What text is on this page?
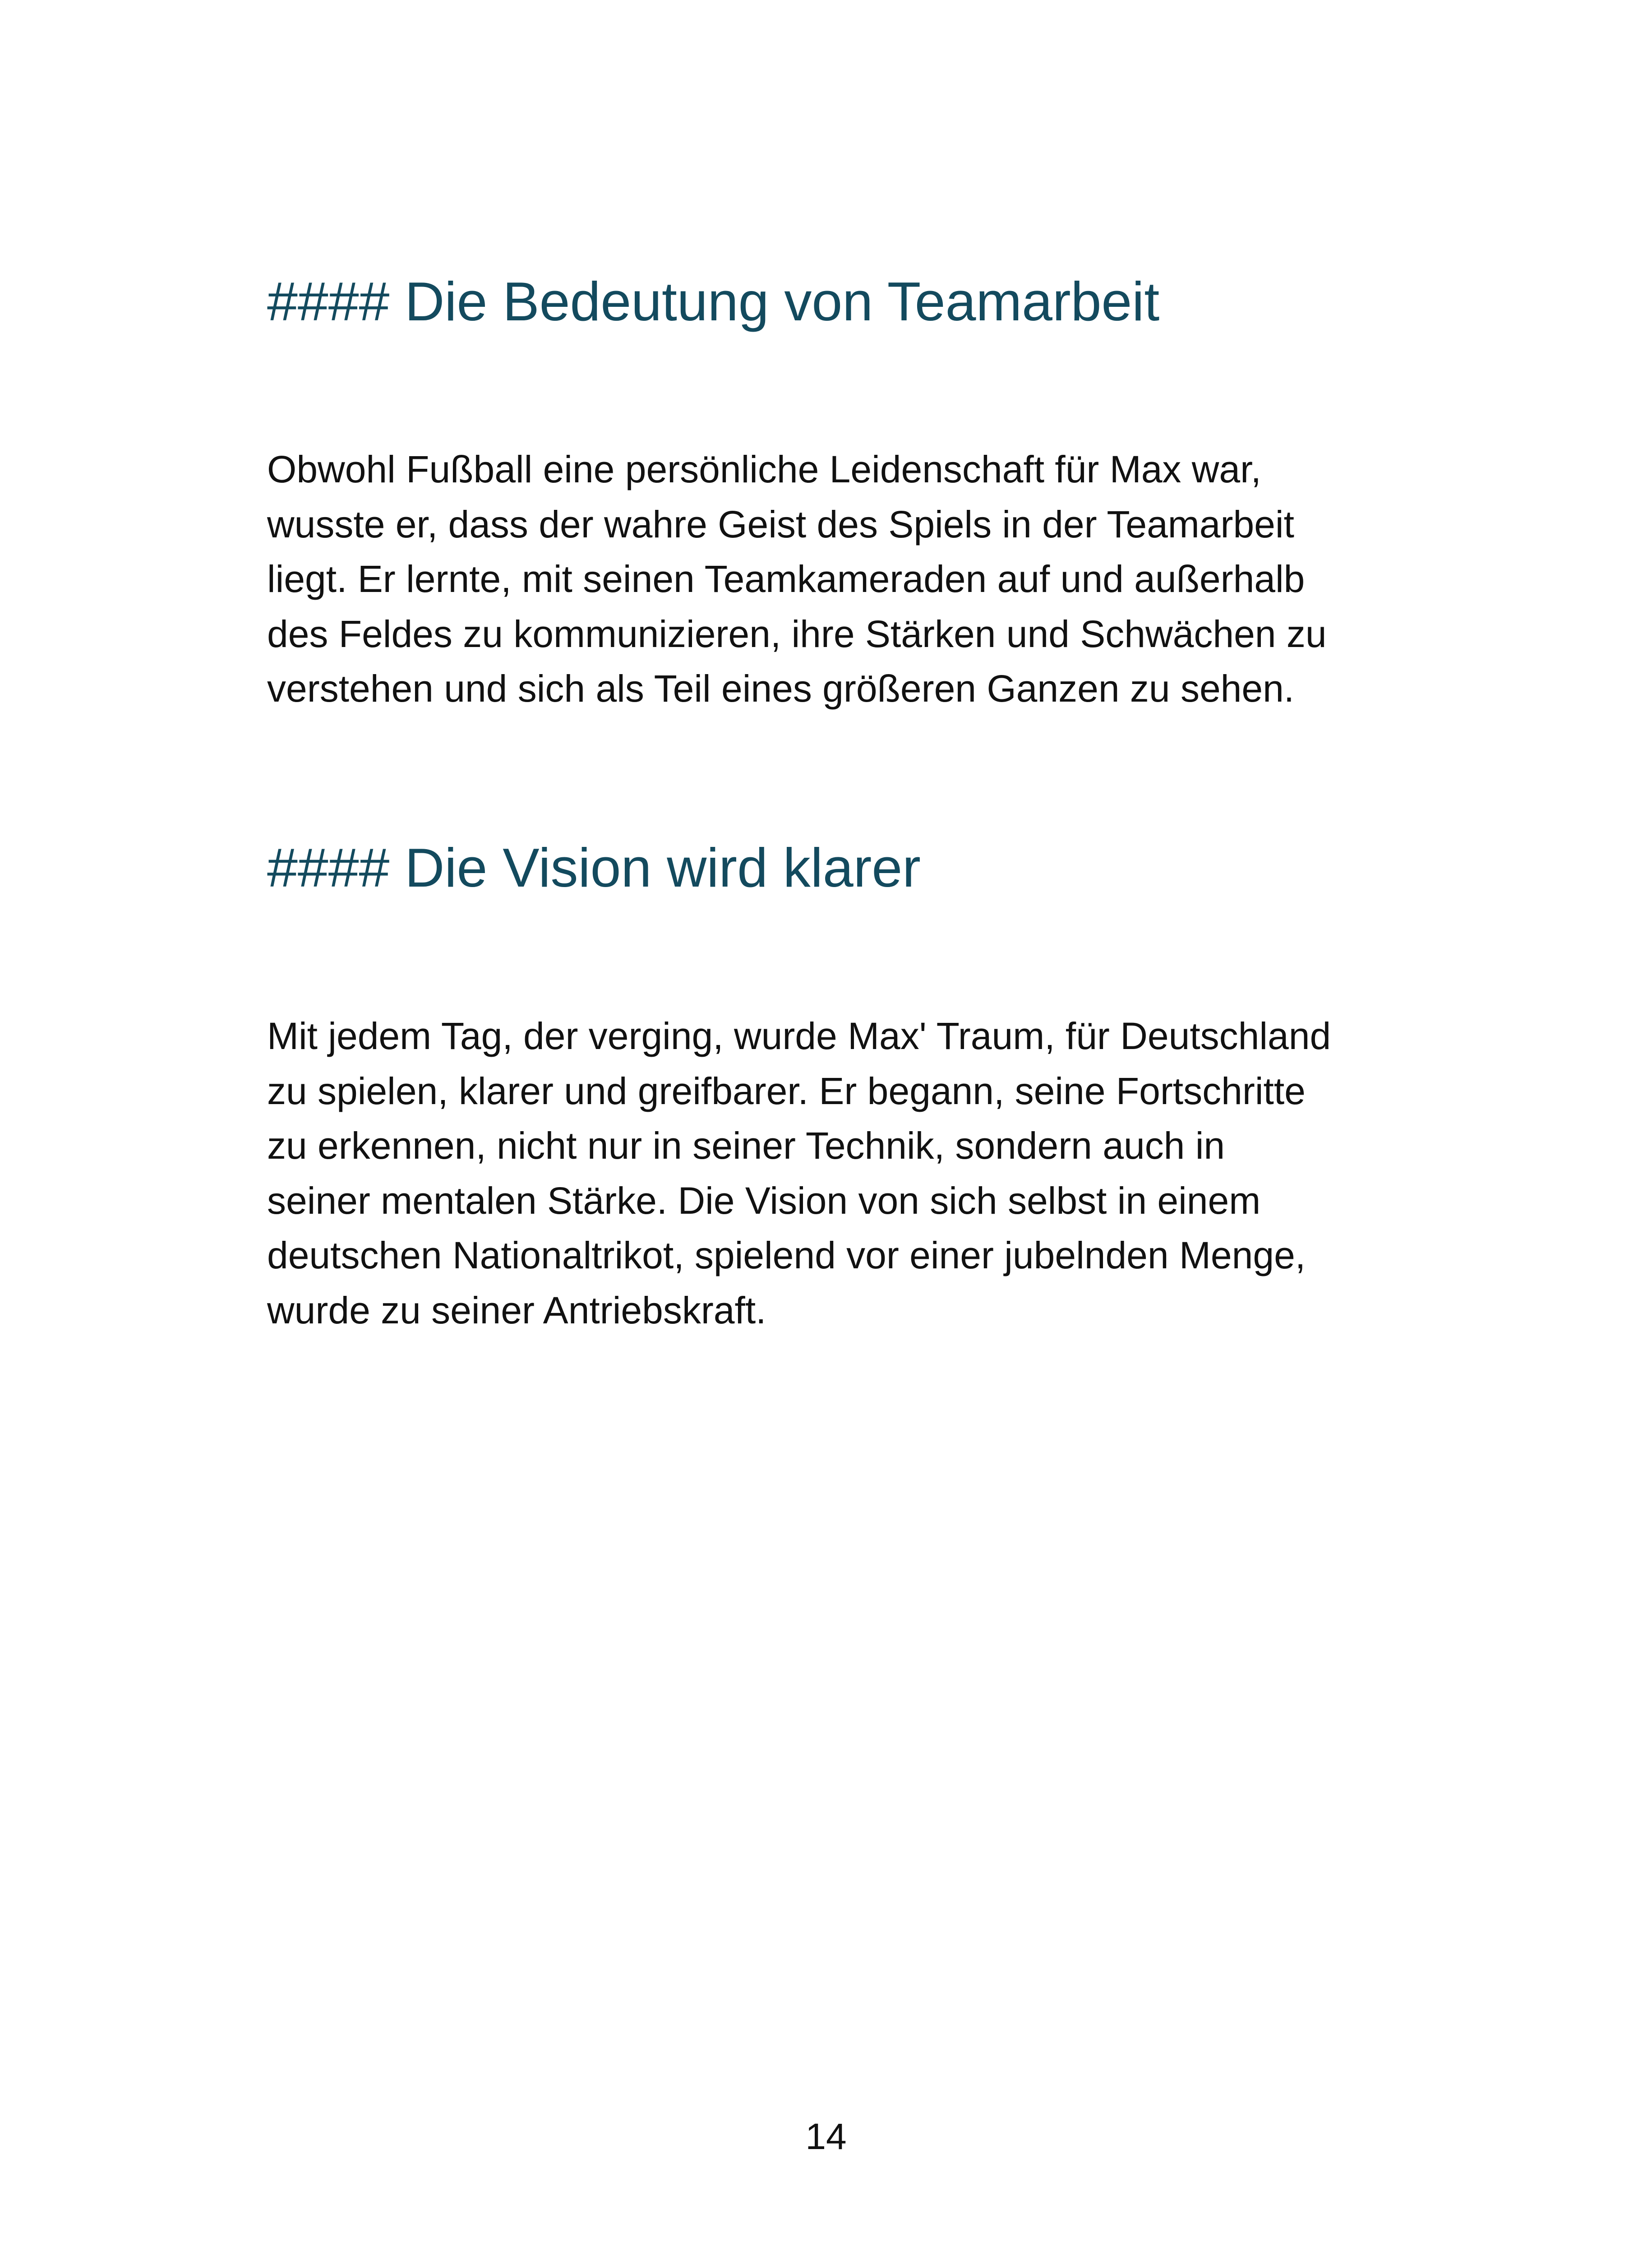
#### Die Bedeutung von Teamarbeit

Obwohl Fußball eine persönliche Leidenschaft für Max war,
wusste er, dass der wahre Geist des Spiels in der Teamarbeit
liegt. Er lernte, mit seinen Teamkameraden auf und außerhalb
des Feldes zu kommunizieren, ihre Stärken und Schwächen zu
verstehen und sich als Teil eines größeren Ganzen zu sehen.

#### Die Vision wird klarer

Mit jedem Tag, der verging, wurde Max' Traum, für Deutschland
zu spielen, klarer und greifbarer. Er begann, seine Fortschritte
zu erkennen, nicht nur in seiner Technik, sondern auch in
seiner mentalen Stärke. Die Vision von sich selbst in einem
deutschen Nationaltrikot, spielend vor einer jubelnden Menge,
wurde zu seiner Antriebskraft.

14
